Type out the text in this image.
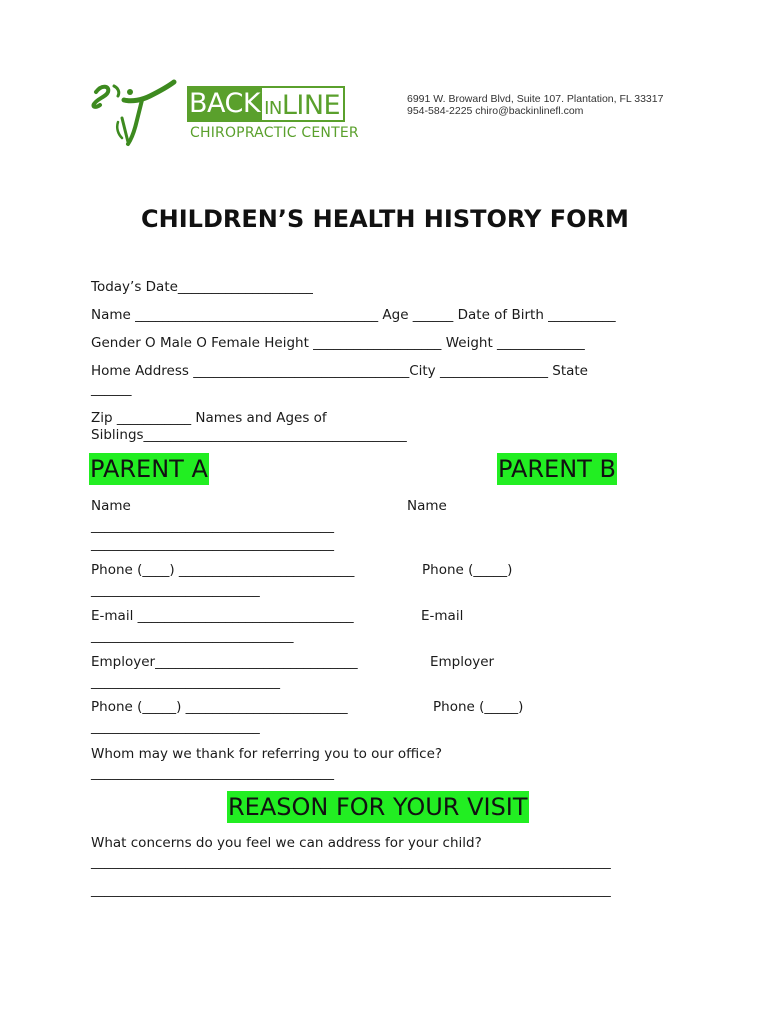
BACK INLINE
CHIROPRACTIC CENTER
6991 W. Broward Blvd, Suite 107. Plantation, FL 33317
954-584-2225 chiro@backinlinefl.com
CHILDREN’S HEALTH HISTORY FORM
Today’s Date____________________
Name ____________________________________ Age ______ Date of Birth __________
Gender O Male O Female Height ___________________ Weight _____________
Home Address ________________________________City ________________ State
______
Zip ___________ Names and Ages of
Siblings_______________________________________
PARENT A	PARENT B
Name
____________________________________
____________________________________
Phone (____) __________________________
_________________________
E-mail ________________________________
______________________________
Employer______________________________
____________________________
Phone (_____) ________________________
_________________________
Name
Phone (_____)
E-mail
Employer
Phone (_____)
Whom may we thank for referring you to our office?
____________________________________
REASON FOR YOUR VISIT
What concerns do you feel we can address for your child?
_____________________________________________________________________________
_____________________________________________________________________________
